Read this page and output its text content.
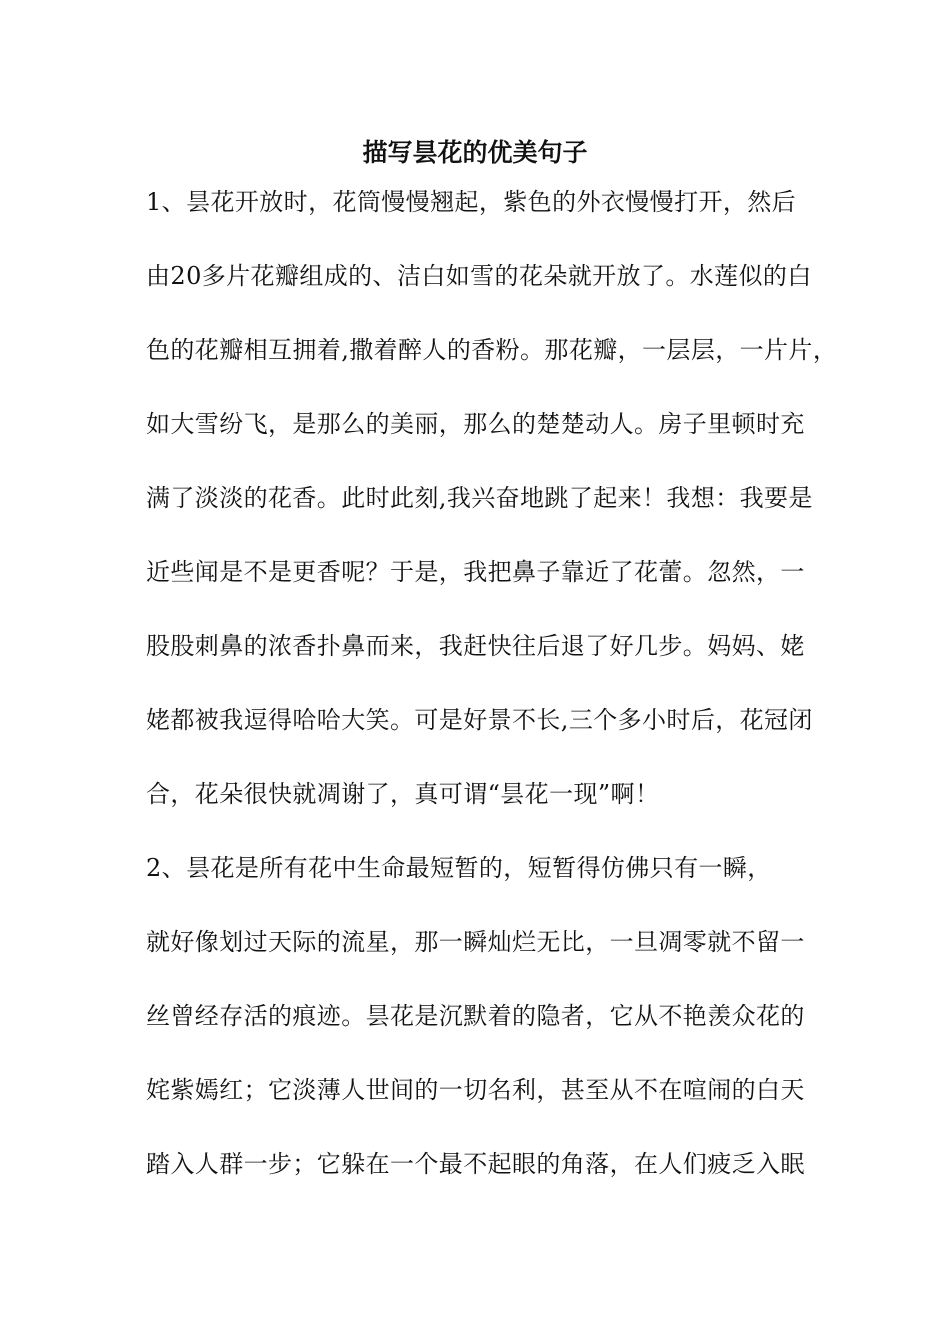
描写昙花的优美句子
1、昙花开放时，花筒慢慢翘起，紫色的外衣慢慢打开，然后
由20多片花瓣组成的、洁白如雪的花朵就开放了。水莲似的白
色的花瓣相互拥着,撒着醉人的香粉。那花瓣，一层层，一片片，
如大雪纷飞，是那么的美丽，那么的楚楚动人。房子里顿时充
满了淡淡的花香。此时此刻,我兴奋地跳了起来！我想：我要是
近些闻是不是更香呢？于是，我把鼻子靠近了花蕾。忽然，一
股股刺鼻的浓香扑鼻而来，我赶快往后退了好几步。妈妈、姥
姥都被我逗得哈哈大笑。可是好景不长,三个多小时后，花冠闭
合，花朵很快就凋谢了，真可谓“昙花一现”啊！
2、昙花是所有花中生命最短暂的，短暂得仿佛只有一瞬，
就好像划过天际的流星，那一瞬灿烂无比，一旦凋零就不留一
丝曾经存活的痕迹。昙花是沉默着的隐者，它从不艳羡众花的
姹紫嫣红；它淡薄人世间的一切名利，甚至从不在喧闹的白天
踏入人群一步；它躲在一个最不起眼的角落，在人们疲乏入眠
